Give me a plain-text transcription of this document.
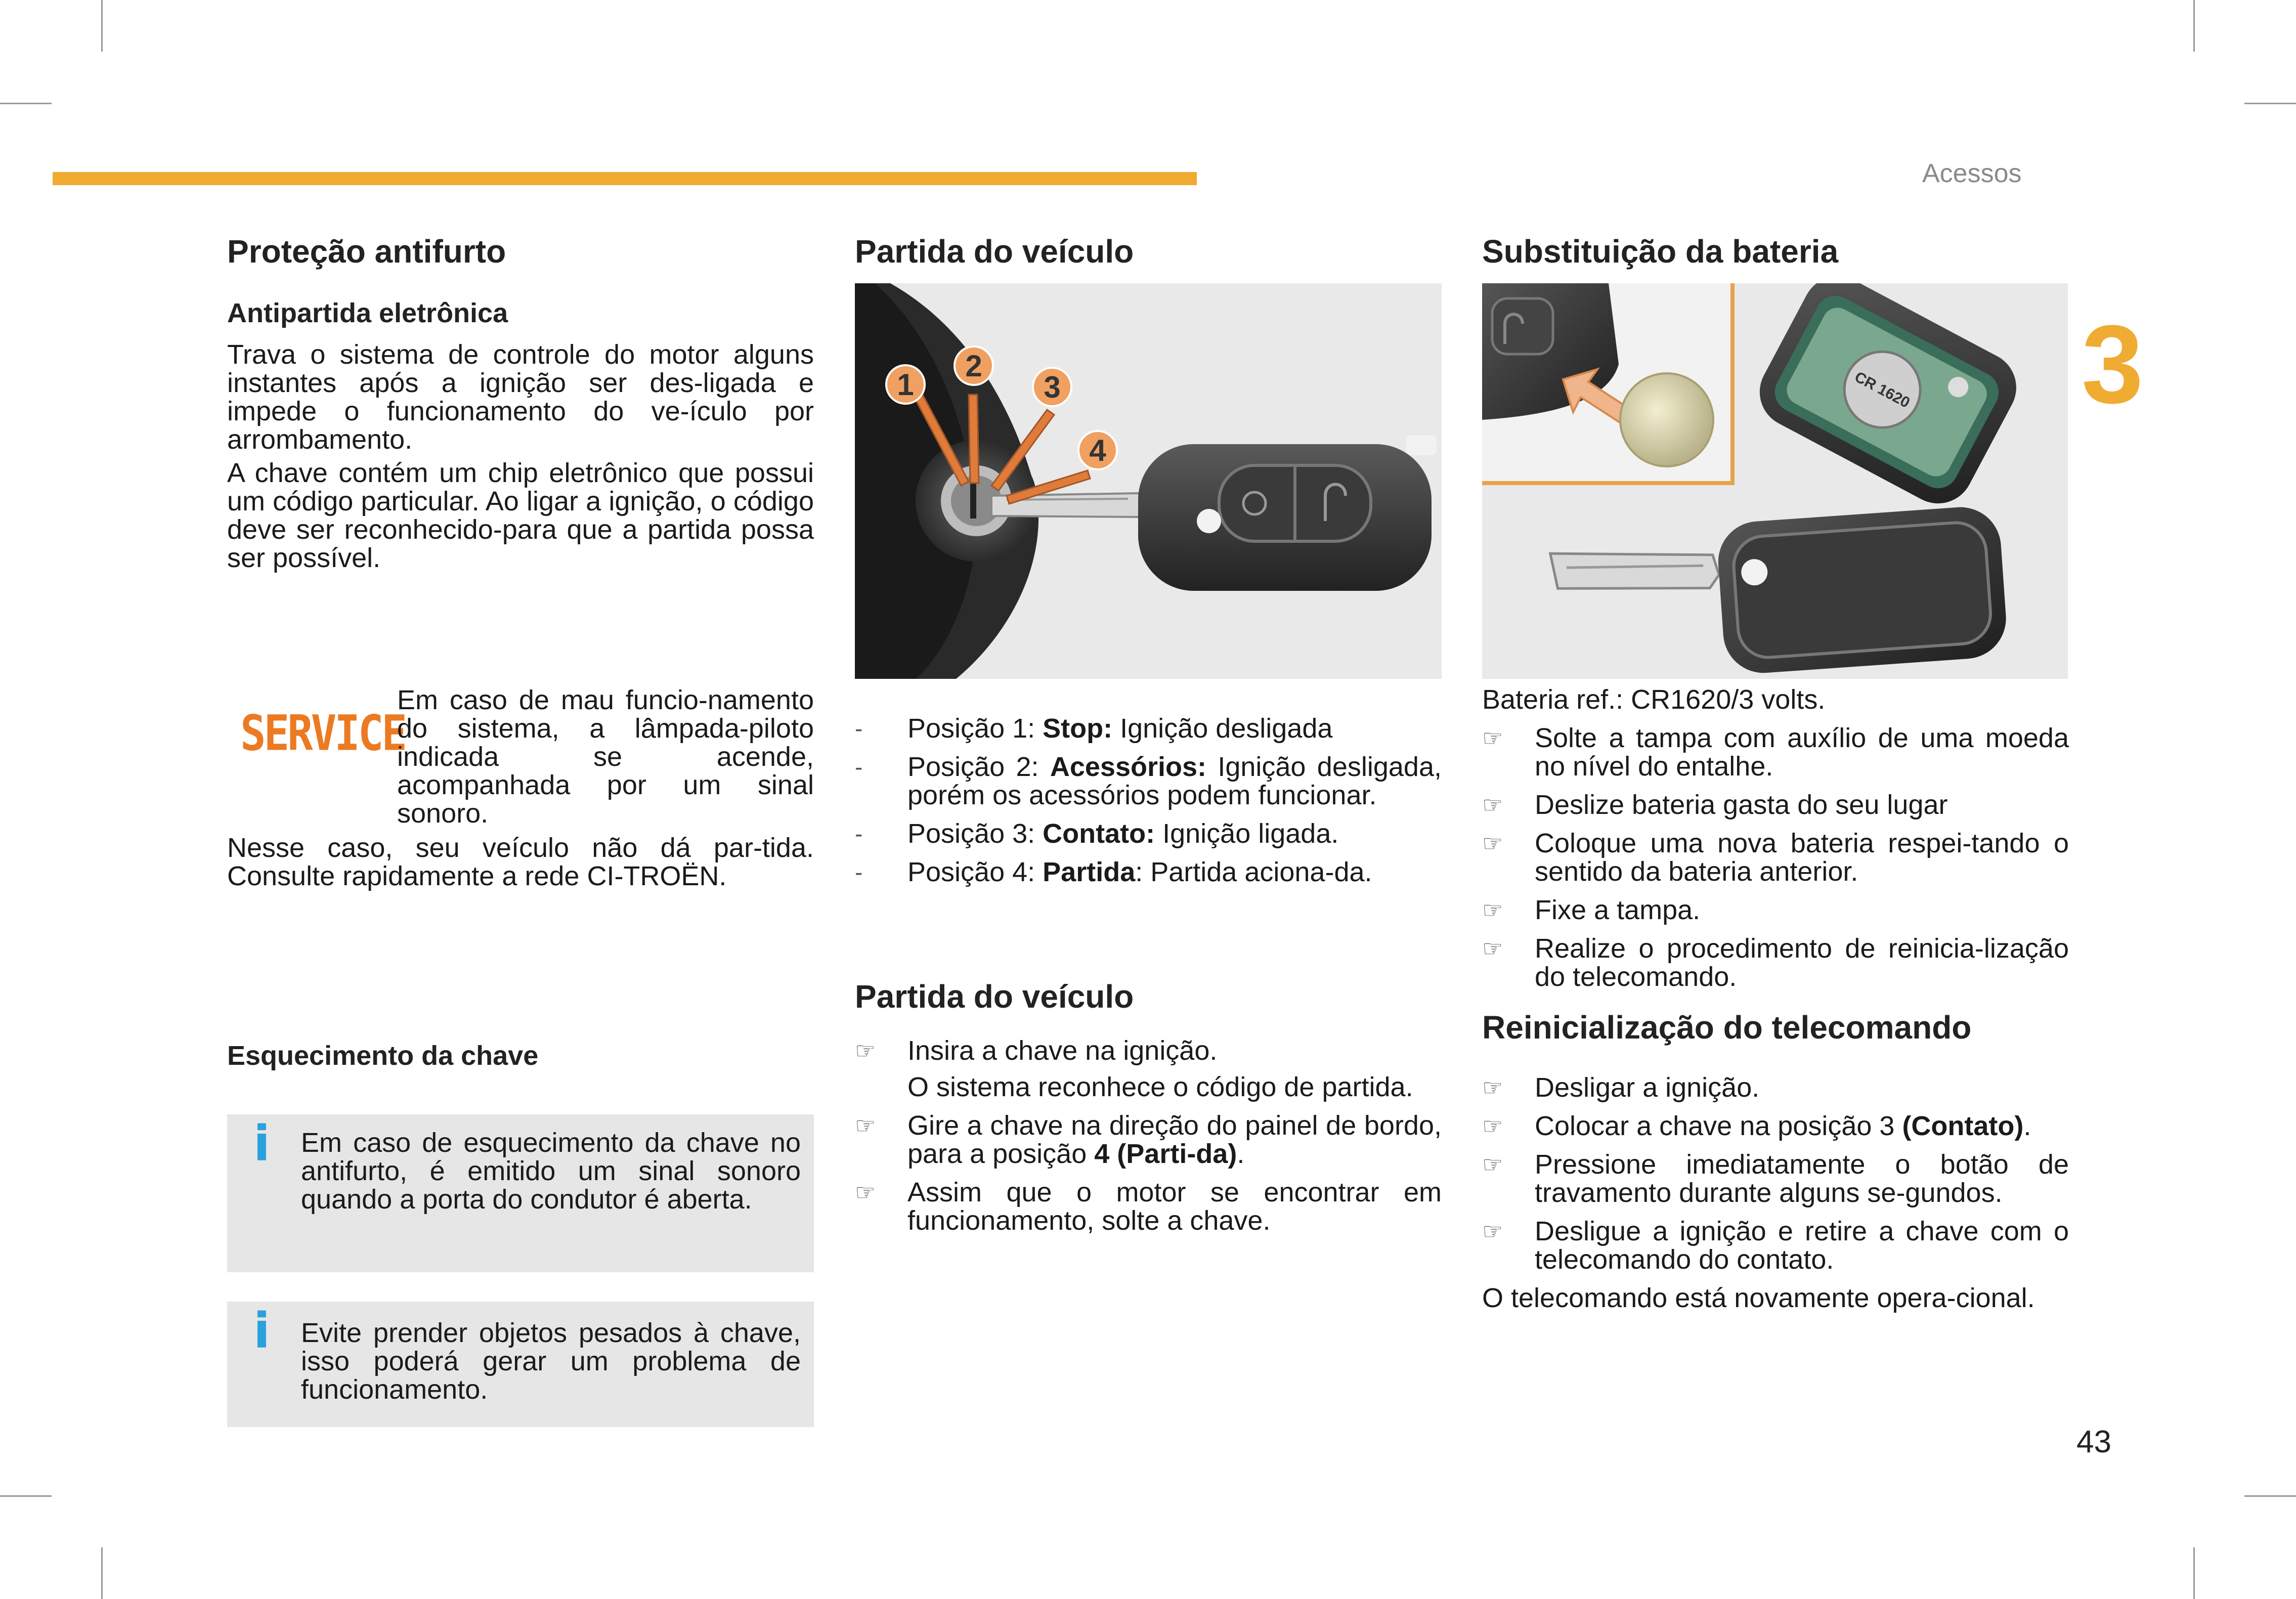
Acessos
3
43
Proteção antifurto
Antipartida eletrônica

Trava o sistema de controle do motor alguns instantes após a ignição ser des-ligada e impede o funcionamento do ve-ículo por arrombamento.

A chave contém um chip eletrônico que possui um código particular. Ao ligar a ignição, o código deve ser reconhecido-para que a partida possa ser possível.

SERVICE

Em caso de mau funcio-namento do sistema, a lâmpada-piloto indicada se acende, acompanhada por um sinal sonoro.

Nesse caso, seu veículo não dá par-tida. Consulte rapidamente a rede CI-TROËN.

Esquecimento da chave
i Em caso de esquecimento da chave no antifurto, é emitido um sinal sonoro quando a porta do condutor é aberta.
i Evite prender objetos pesados à chave, isso poderá gerar um problema de funcionamento.
Partida do veículo
1
2
3
4
- Posição 1: Stop: Ignição desligada
- Posição 2: Acessórios: Ignição desligada, porém os acessórios podem funcionar.
- Posição 3: Contato: Ignição ligada.
- Posição 4: Partida: Partida aciona-da.
Partida do veículo
☞ Insira a chave na ignição.
O sistema reconhece o código de partida.
☞ Gire a chave na direção do painel de bordo, para a posição 4 (Parti-da).
☞ Assim que o motor se encontrar em funcionamento, solte a chave.
Substituição da bateria
CR 1620

Bateria ref.: CR1620/3 volts.

☞ Solte a tampa com auxílio de uma moeda no nível do entalhe.
☞ Deslize bateria gasta do seu lugar
☞ Coloque uma nova bateria respei-tando o sentido da bateria anterior.
☞ Fixe a tampa.
☞ Realize o procedimento de reinicia-lização do telecomando.
Reinicialização do telecomando
☞ Desligar a ignição.
☞ Colocar a chave na posição 3 (Contato).
☞ Pressione imediatamente o botão de travamento durante alguns se-gundos.
☞ Desligue a ignição e retire a chave com o telecomando do contato.

O telecomando está novamente opera-cional.
